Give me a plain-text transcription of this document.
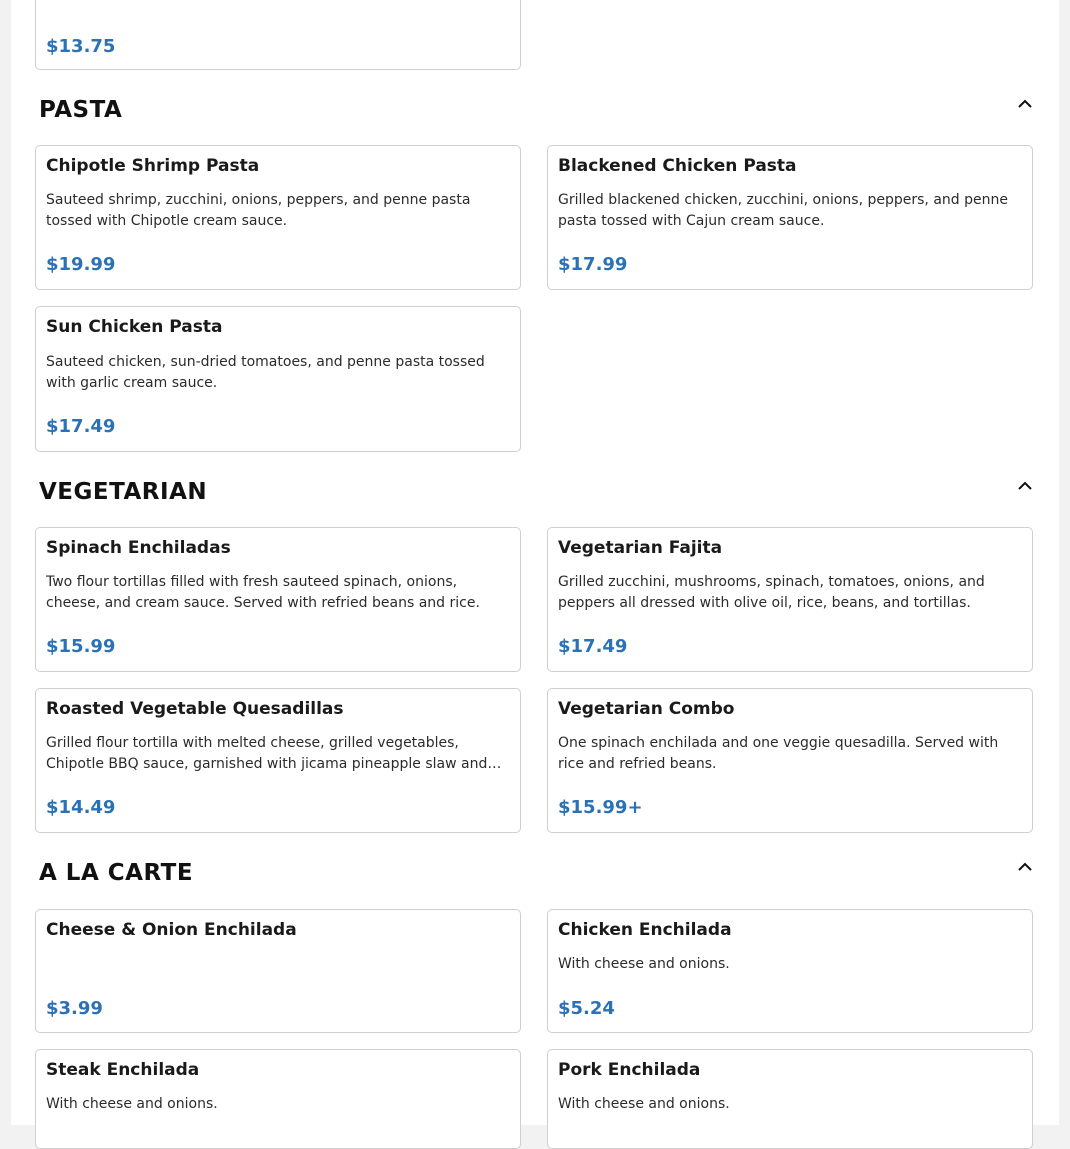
$13.75
PASTA
Chipotle Shrimp Pasta
Sauteed shrimp, zucchini, onions, peppers, and penne pasta tossed with Chipotle cream sauce.
$19.99
Blackened Chicken Pasta
Grilled blackened chicken, zucchini, onions, peppers, and penne pasta tossed with Cajun cream sauce.
$17.99
Sun Chicken Pasta
Sauteed chicken, sun-dried tomatoes, and penne pasta tossed with garlic cream sauce.
$17.49
VEGETARIAN
Spinach Enchiladas
Two flour tortillas filled with fresh sauteed spinach, onions, cheese, and cream sauce. Served with refried beans and rice.
$15.99
Vegetarian Fajita
Grilled zucchini, mushrooms, spinach, tomatoes, onions, and peppers all dressed with olive oil, rice, beans, and tortillas.
$17.49
Roasted Vegetable Quesadillas
Grilled flour tortilla with melted cheese, grilled vegetables, Chipotle BBQ sauce, garnished with jicama pineapple slaw and…
$14.49
Vegetarian Combo
One spinach enchilada and one veggie quesadilla. Served with rice and refried beans.
$15.99+
A LA CARTE
Cheese & Onion Enchilada
$3.99
Chicken Enchilada
With cheese and onions.
$5.24
Steak Enchilada
With cheese and onions.
Pork Enchilada
With cheese and onions.
